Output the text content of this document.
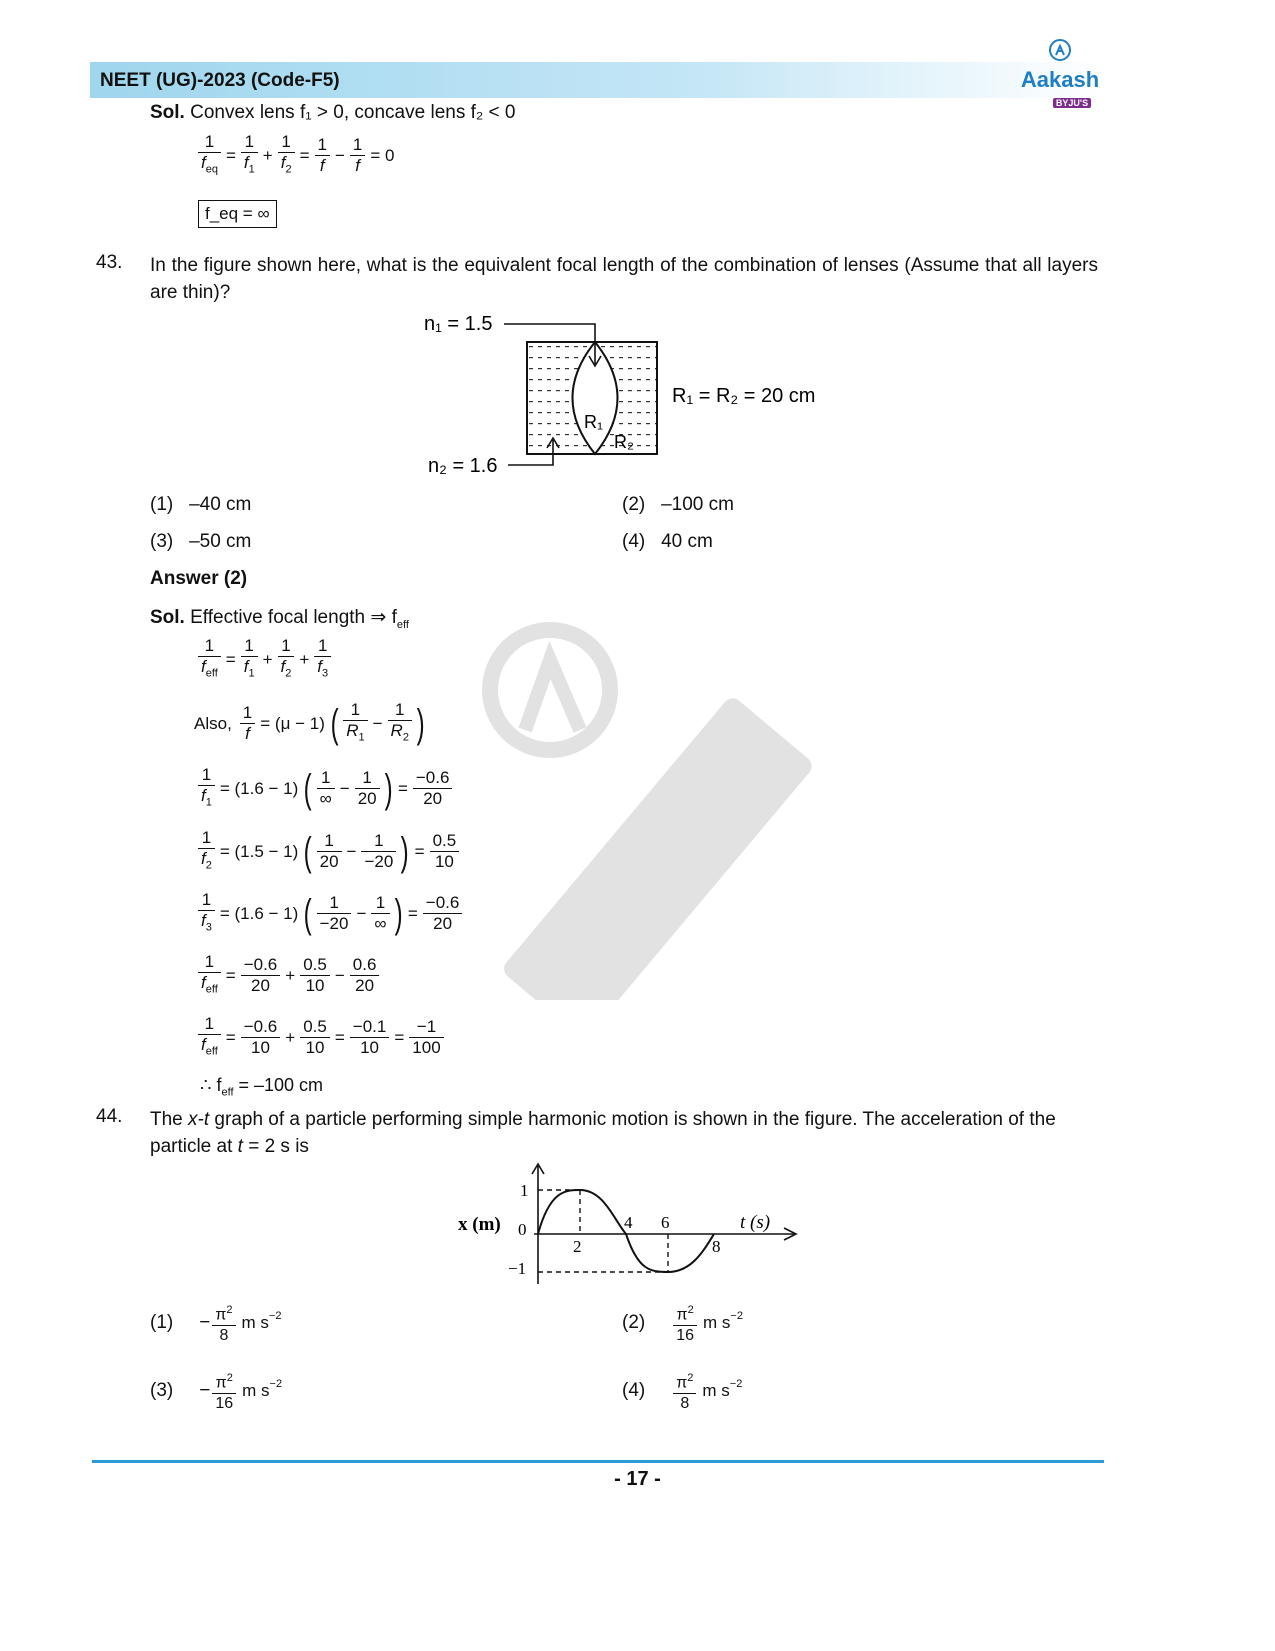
NEET (UG)-2023 (Code-F5)	Aakash
BYJU'S
Sol. Convex lens f₁ > 0, concave lens f₂ < 0
$\frac{1}{f_{eq}} = \frac{1}{f_1} + \frac{1}{f_2} = \frac{1}{f} - \frac{1}{f} = 0$
f_eq = ∞
43. In the figure shown here, what is the equivalent focal length of the combination of lenses (Assume that all layers are thin)?
n₁ = 1.5
n₂ = 1.6
R₁ = R₂ = 20 cm
R₁
R₂
(1) –40 cm	(2) –100 cm
(3) –50 cm	(4) 40 cm
Answer (2)
Sol. Effective focal length ⇒ $f_{eff}$
$\frac{1}{f_{eff}} = \frac{1}{f_1} + \frac{1}{f_2} + \frac{1}{f_3}$
Also, $\frac{1}{f} = (\mu - 1)$ ( $\frac{1}{R_1} - \frac{1}{R_2}$ )
$\frac{1}{f_1} = (1.6 - 1)$ ( $\frac{1}{\infty} - \frac{1}{20}$ ) = $\frac{-0.6}{20}$
$\frac{1}{f_2} = (1.5 - 1)$ ( $\frac{1}{20} - \frac{1}{-20}$ ) = $\frac{0.5}{10}$
$\frac{1}{f_3} = (1.6 - 1)$ ( $\frac{1}{-20} - \frac{1}{\infty}$ ) = $\frac{-0.6}{20}$
$\frac{1}{f_{eff}} = \frac{-0.6}{20} + \frac{0.5}{10} - \frac{0.6}{20}$
$\frac{1}{f_{eff}} = \frac{-0.6}{10} + \frac{0.5}{10} = \frac{-0.1}{10} = \frac{-1}{100}$
∴ $f_{eff} = -100$ cm
44. The x-t graph of a particle performing simple harmonic motion is shown in the figure. The acceleration of the particle at t = 2 s is
x (m)	t (s)
1
0
−1
2
4 6
8
$(1) - \frac{\pi^2}{8}$ m $s^{-2}$	$(2) \frac{\pi^2}{16}$ m $s^{-2}$
$(3) - \frac{\pi^2}{16}$ m $s^{-2}$	$(4) \frac{\pi^2}{8}$ m $s^{-2}$
- 17 -
